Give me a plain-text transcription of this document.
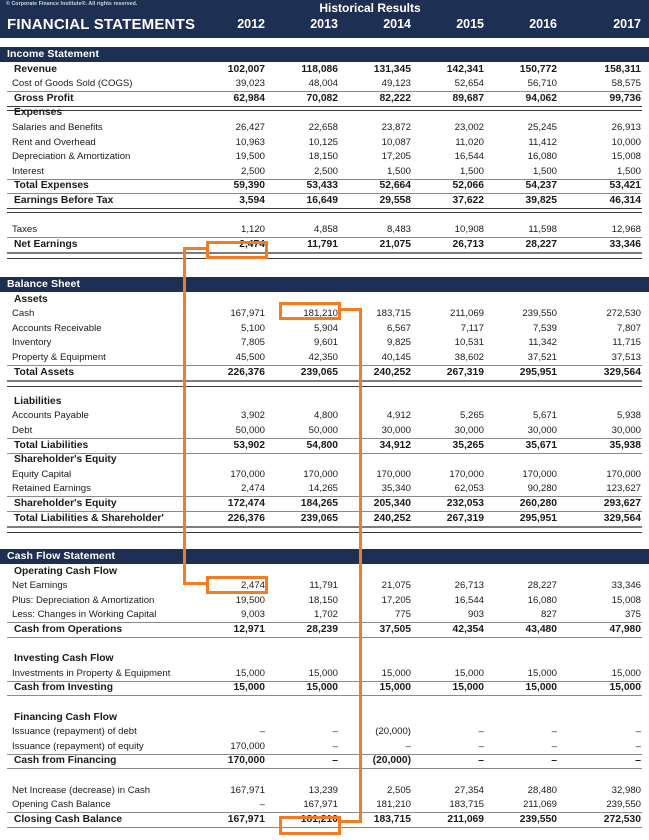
© Corporate Finance Institute®. All rights reserved.
FINANCIAL STATEMENTS
Historical Results
2012	2013	2014	2015	2016	2017
Income Statement
Revenue	102,007	118,086	131,345	142,341	150,772	158,311
Cost of Goods Sold (COGS)	39,023	48,004	49,123	52,654	56,710	58,575
Gross Profit	62,984	70,082	82,222	89,687	94,062	99,736
Expenses
Salaries and Benefits	26,427	22,658	23,872	23,002	25,245	26,913
Rent and Overhead	10,963	10,125	10,087	11,020	11,412	10,000
Depreciation & Amortization	19,500	18,150	17,205	16,544	16,080	15,008
Interest	2,500	2,500	1,500	1,500	1,500	1,500
Total Expenses	59,390	53,433	52,664	52,066	54,237	53,421
Earnings Before Tax	3,594	16,649	29,558	37,622	39,825	46,314
Taxes	1,120	4,858	8,483	10,908	11,598	12,968
Net Earnings	2,474	11,791	21,075	26,713	28,227	33,346
Balance Sheet
Assets
Cash	167,971	181,210	183,715	211,069	239,550	272,530
Accounts Receivable	5,100	5,904	6,567	7,117	7,539	7,807
Inventory	7,805	9,601	9,825	10,531	11,342	11,715
Property & Equipment	45,500	42,350	40,145	38,602	37,521	37,513
Total Assets	226,376	239,065	240,252	267,319	295,951	329,564
Liabilities
Accounts Payable	3,902	4,800	4,912	5,265	5,671	5,938
Debt	50,000	50,000	30,000	30,000	30,000	30,000
Total Liabilities	53,902	54,800	34,912	35,265	35,671	35,938
Shareholder's Equity
Equity Capital	170,000	170,000	170,000	170,000	170,000	170,000
Retained Earnings	2,474	14,265	35,340	62,053	90,280	123,627
Shareholder's Equity	172,474	184,265	205,340	232,053	260,280	293,627
Total Liabilities & Shareholder'	226,376	239,065	240,252	267,319	295,951	329,564
Cash Flow Statement
Operating Cash Flow
Net Earnings	2,474	11,791	21,075	26,713	28,227	33,346
Plus: Depreciation & Amortization	19,500	18,150	17,205	16,544	16,080	15,008
Less: Changes in Working Capital	9,003	1,702	775	903	827	375
Cash from Operations	12,971	28,239	37,505	42,354	43,480	47,980
Investing Cash Flow
Investments in Property & Equipment	15,000	15,000	15,000	15,000	15,000	15,000
Cash from Investing	15,000	15,000	15,000	15,000	15,000	15,000
Financing Cash Flow
Issuance (repayment) of debt	–	–	(20,000)	–	–	–
Issuance (repayment) of equity	170,000	–	–	–	–	–
Cash from Financing	170,000	–	(20,000)	–	–	–
Net Increase (decrease) in Cash	167,971	13,239	2,505	27,354	28,480	32,980
Opening Cash Balance	–	167,971	181,210	183,715	211,069	239,550
Closing Cash Balance	167,971	181,210	183,715	211,069	239,550	272,530
